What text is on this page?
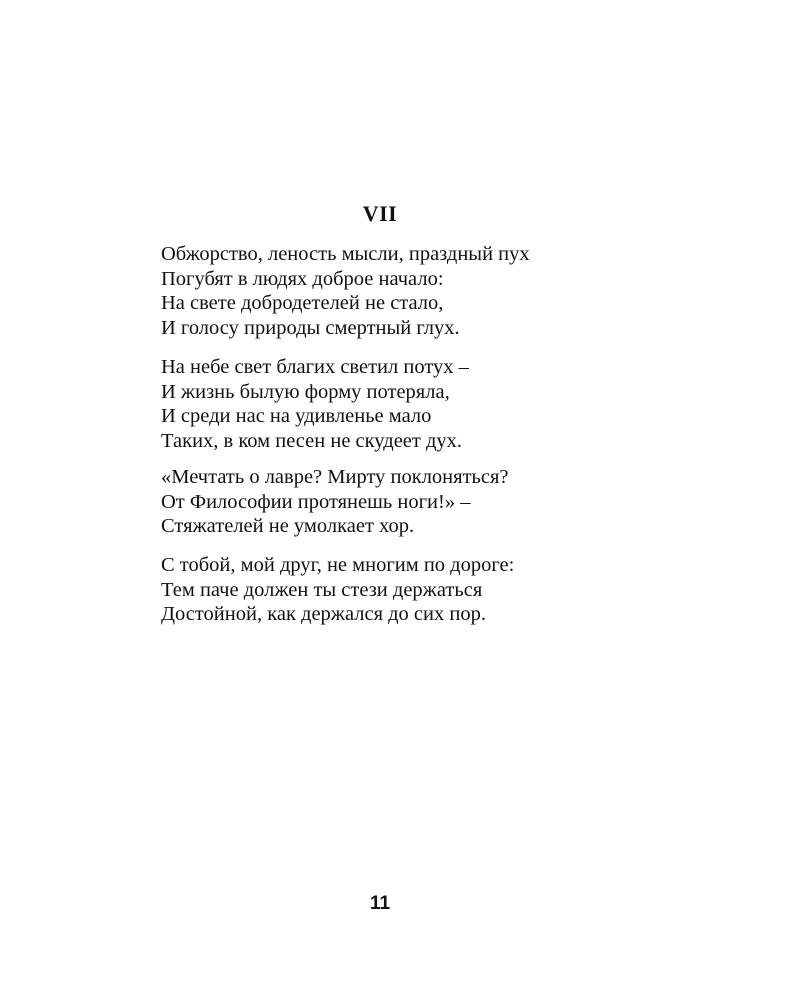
VII
Обжорство, леность мысли, праздный пух
Погубят в людях доброе начало:
На свете добродетелей не стало,
И голосу природы смертный глух.
На небе свет благих светил потух –
И жизнь былую форму потеряла,
И среди нас на удивленье мало
Таких, в ком песен не скудеет дух.
«Мечтать о лавре? Мирту поклоняться?
От Философии протянешь ноги!» –
Стяжателей не умолкает хор.
С тобой, мой друг, не многим по дороге:
Тем паче должен ты стези держаться
Достойной, как держался до сих пор.
11
